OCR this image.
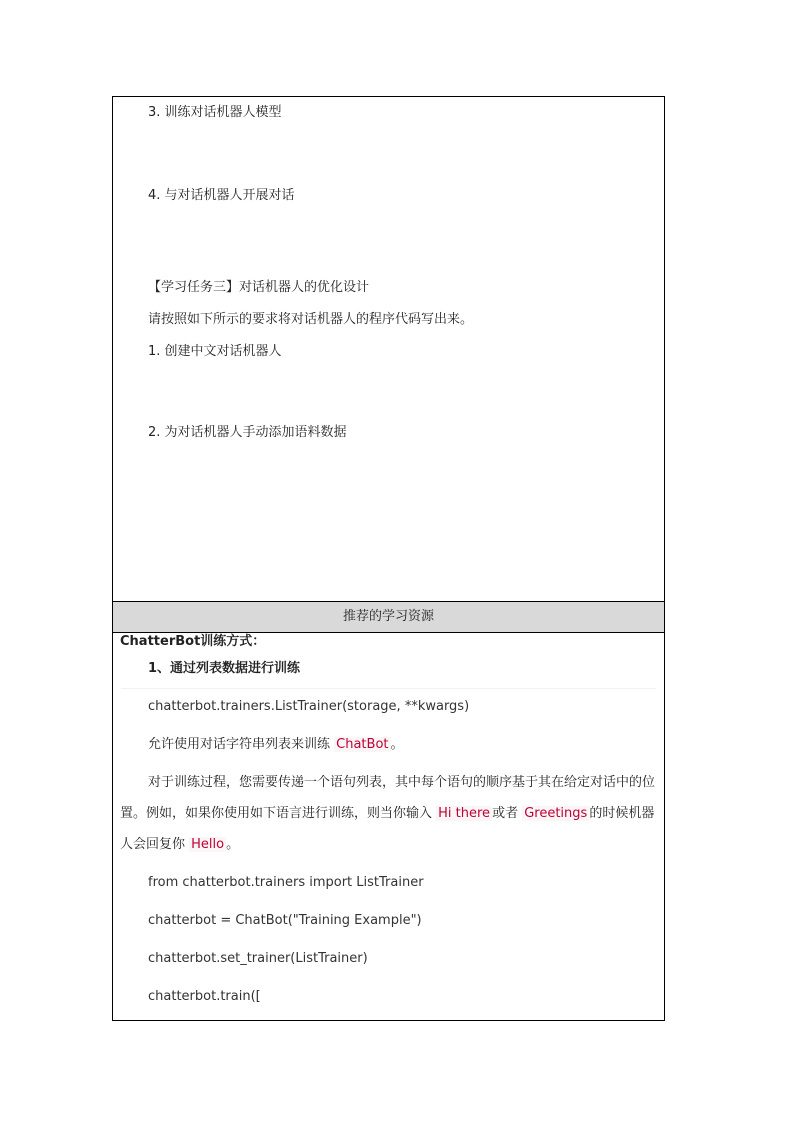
3. 训练对话机器人模型
4. 与对话机器人开展对话
【学习任务三】对话机器人的优化设计
请按照如下所示的要求将对话机器人的程序代码写出来。
1. 创建中文对话机器人
2. 为对话机器人手动添加语料数据
推荐的学习资源
ChatterBot训练方式：
1、通过列表数据进行训练
chatterbot.trainers.ListTrainer(storage, **kwargs)
允许使用对话字符串列表来训练 ChatBot 。
对于训练过程，您需要传递一个语句列表，其中每个语句的顺序基于其在给定对话中的位置。例如，如果你使用如下语言进行训练，则当你输入 Hi there 或者 Greetings 的时候机器人会回复你 Hello 。
from chatterbot.trainers import ListTrainer
chatterbot = ChatBot("Training Example")
chatterbot.set_trainer(ListTrainer)
chatterbot.train([
